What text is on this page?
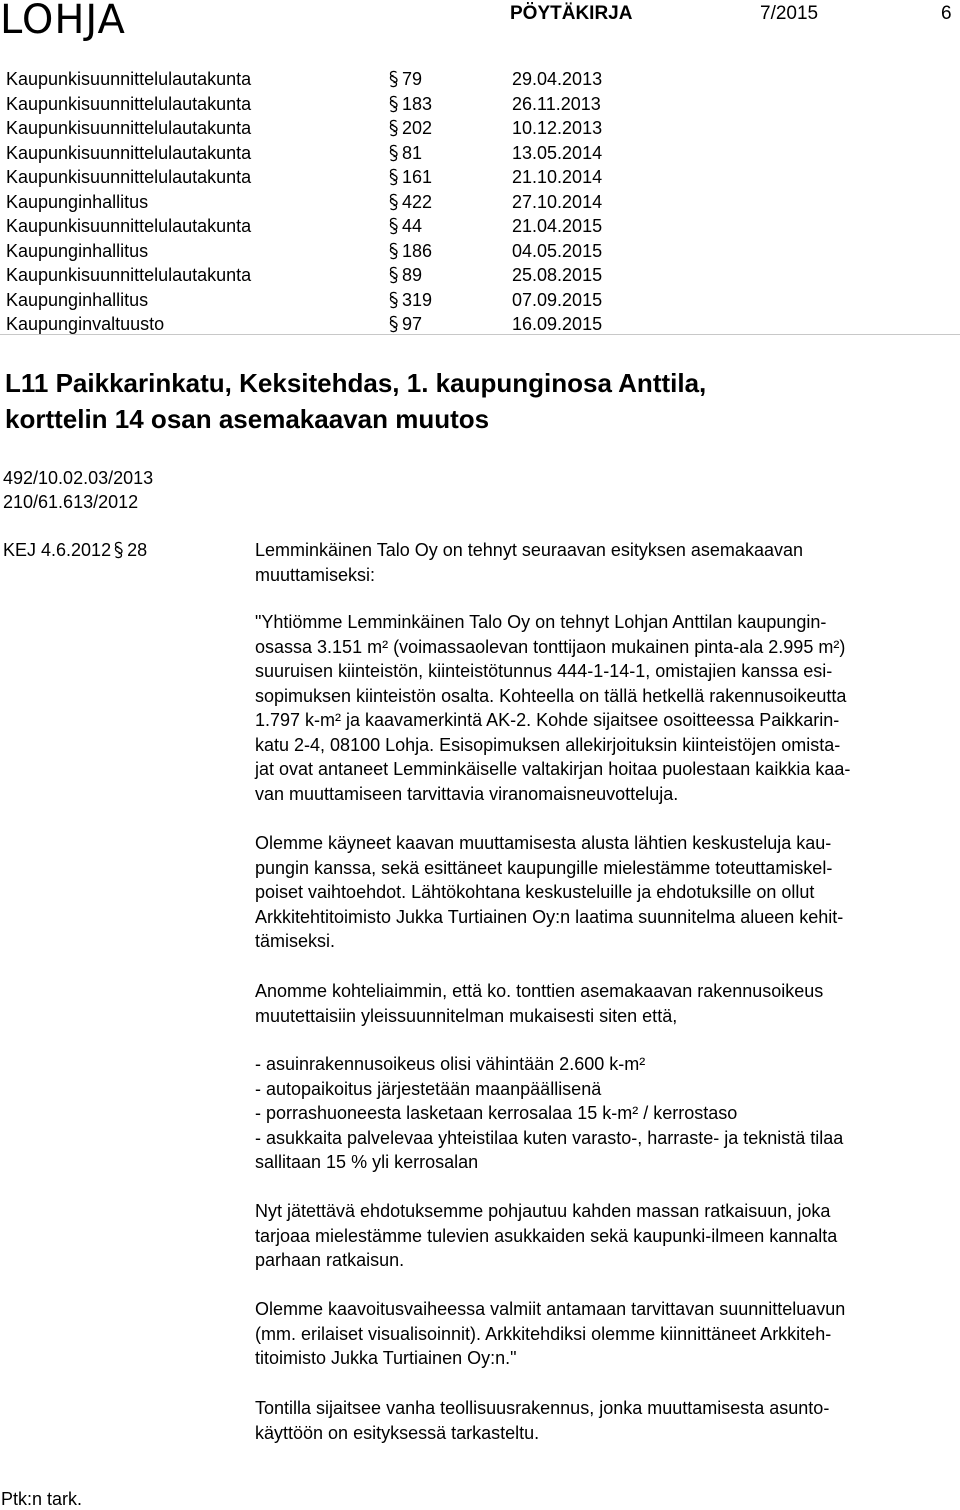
LOHJA	PÖYTÄKIRJA	7/2015	6
Kaupunkisuunnittelulautakunta	79	29.04.2013
Kaupunkisuunnittelulautakunta	183	26.11.2013
Kaupunkisuunnittelulautakunta	202	10.12.2013
Kaupunkisuunnittelulautakunta	81	13.05.2014
Kaupunkisuunnittelulautakunta	161	21.10.2014
Kaupunginhallitus	422	27.10.2014
Kaupunkisuunnittelulautakunta	44	21.04.2015
Kaupunginhallitus	186	04.05.2015
Kaupunkisuunnittelulautakunta	89	25.08.2015
Kaupunginhallitus	319	07.09.2015
Kaupunginvaltuusto	97	16.09.2015
L11 Paikkarinkatu, Keksitehdas, 1. kaupunginosa Anttila,
korttelin 14 osan asemakaavan muutos
492/10.02.03/2013
210/61.613/2012
KEJ 4.6.2012 28	Lemminkäinen Talo Oy on tehnyt seuraavan esityksen asemakaavan muuttamiseksi:
"Yhtiömme Lemminkäinen Talo Oy on tehnyt Lohjan Anttilan kaupungin-
osassa 3.151 m² (voimassaolevan tonttijaon mukainen pinta-ala 2.995 m²)
suuruisen kiinteistön, kiinteistötunnus 444-1-14-1, omistajien kanssa esi-
sopimuksen kiinteistön osalta. Kohteella on tällä hetkellä rakennusoikeutta
1.797 k-m² ja kaavamerkintä AK-2. Kohde sijaitsee osoitteessa Paikkarin-
katu 2-4, 08100 Lohja. Esisopimuksen allekirjoituksin kiinteistöjen omista-
jat ovat antaneet Lemminkäiselle valtakirjan hoitaa puolestaan kaikkia kaa-
van muuttamiseen tarvittavia viranomaisneuvotteluja.
Olemme käyneet kaavan muuttamisesta alusta lähtien keskusteluja kau-
pungin kanssa, sekä esittäneet kaupungille mielestämme toteuttamiskel-
poiset vaihtoehdot. Lähtökohtana keskusteluille ja ehdotuksille on ollut
Arkkitehtitoimisto Jukka Turtiainen Oy:n laatima suunnitelma alueen kehit-
tämiseksi.
Anomme kohteliaimmin, että ko. tonttien asemakaavan rakennusoikeus
muutettaisiin yleissuunnitelman mukaisesti siten että,
- asuinrakennusoikeus olisi vähintään 2.600 k-m²
- autopaikoitus järjestetään maanpäällisenä
- porrashuoneesta lasketaan kerrosalaa 15 k-m² / kerrostaso
- asukkaita palvelevaa yhteistilaa kuten varasto-, harraste- ja teknistä tilaa
sallitaan 15 % yli kerrosalan
Nyt jätettävä ehdotuksemme pohjautuu kahden massan ratkaisuun, joka
tarjoaa mielestämme tulevien asukkaiden sekä kaupunki-ilmeen kannalta
parhaan ratkaisun.
Olemme kaavoitusvaiheessa valmiit antamaan tarvittavan suunnitteluavun
(mm. erilaiset visualisoinnit). Arkkitehdiksi olemme kiinnittäneet Arkkiteh-
titoimisto Jukka Turtiainen Oy:n."
Tontilla sijaitsee vanha teollisuusrakennus, jonka muuttamisesta asunto-
käyttöön on esityksessä tarkasteltu.
Ptk:n tark.
